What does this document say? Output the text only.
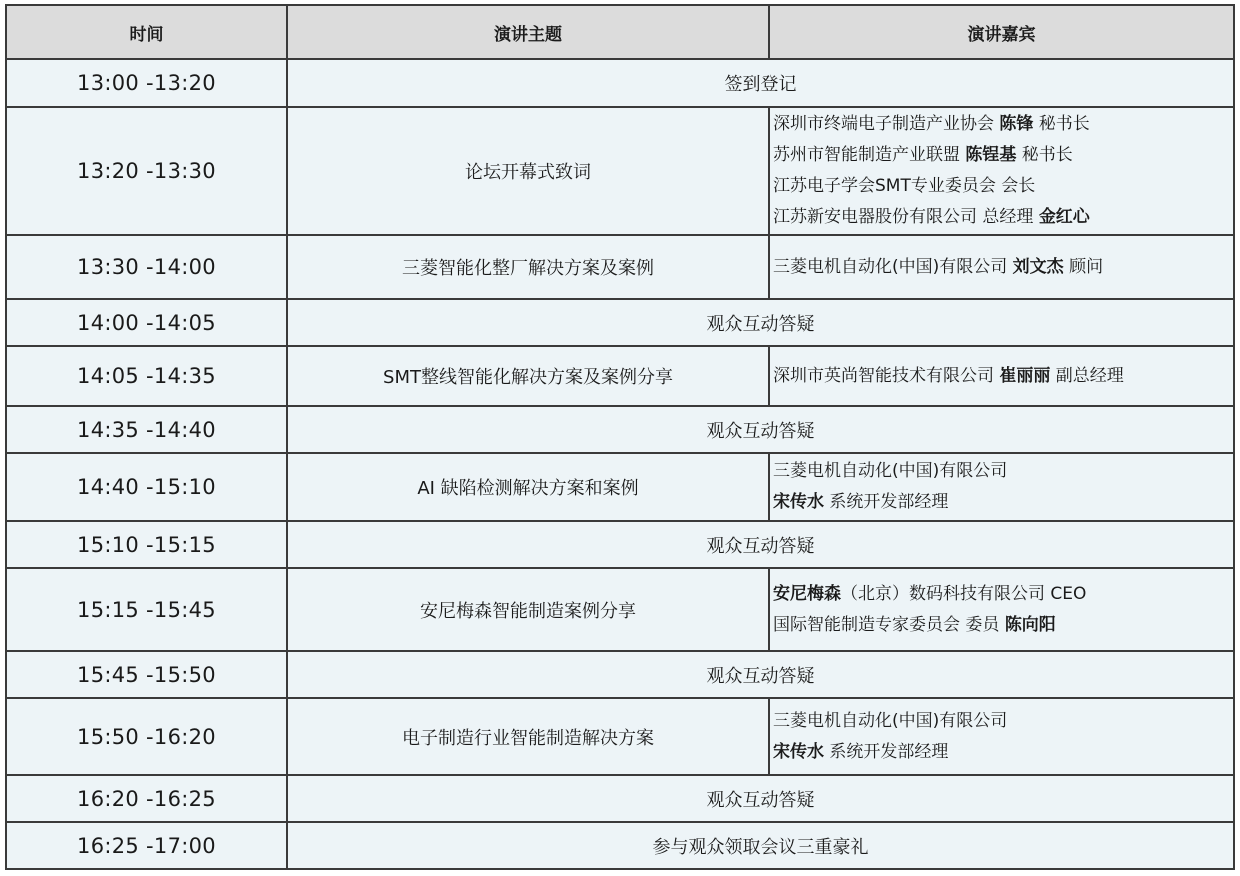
时间	演讲主题	演讲嘉宾
13:00 -13:20	签到登记	
13:20 -13:30	论坛开幕式致词	深圳市终端电子制造产业协会 陈锋 秘书长
苏州市智能制造产业联盟 陈锃基 秘书长
江苏电子学会SMT专业委员会 会长
江苏新安电器股份有限公司 总经理 金红心

13:30 -14:00	三菱智能化整厂解决方案及案例	三菱电机自动化(中国)有限公司 刘文杰 顾问

14:00 -14:05	观众互动答疑	
14:05 -14:35	SMT整线智能化解决方案及案例分享	深圳市英尚智能技术有限公司 崔丽丽 副总经理

14:35 -14:40	观众互动答疑	
14:40 -15:10	AI 缺陷检测解决方案和案例	三菱电机自动化(中国)有限公司
宋传水 系统开发部经理

15:10 -15:15	观众互动答疑	
15:15 -15:45	安尼梅森智能制造案例分享	安尼梅森（北京）数码科技有限公司 CEO
国际智能制造专家委员会 委员 陈向阳

15:45 -15:50	观众互动答疑	
15:50 -16:20	电子制造行业智能制造解决方案	三菱电机自动化(中国)有限公司
宋传水 系统开发部经理

16:20 -16:25	观众互动答疑	
16:25 -17:00	参与观众领取会议三重豪礼	
